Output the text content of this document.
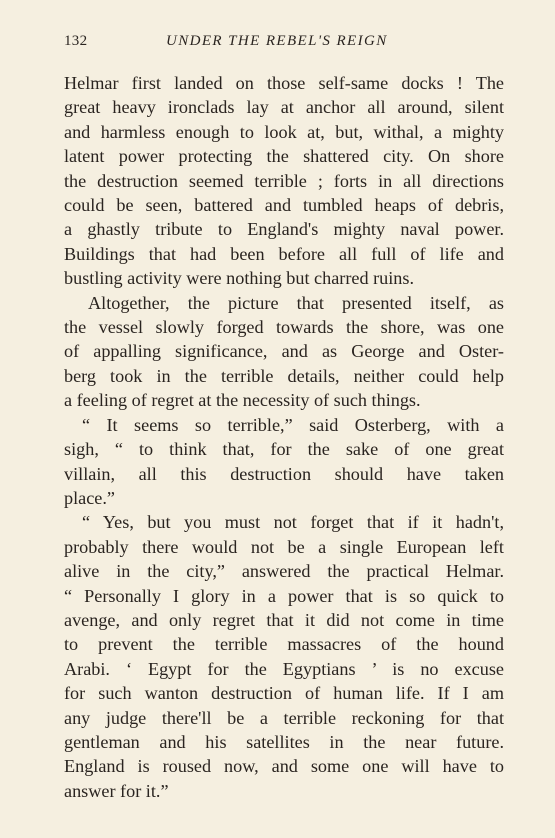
132	UNDER THE REBEL'S REIGN
Helmar first landed on those self-same docks ! The
great heavy ironclads lay at anchor all around, silent
and harmless enough to look at, but, withal, a mighty
latent power protecting the shattered city. On shore
the destruction seemed terrible ; forts in all directions
could be seen, battered and tumbled heaps of debris,
a ghastly tribute to England's mighty naval power.
Buildings that had been before all full of life and
bustling activity were nothing but charred ruins.
Altogether, the picture that presented itself, as
the vessel slowly forged towards the shore, was one
of appalling significance, and as George and Oster-
berg took in the terrible details, neither could help
a feeling of regret at the necessity of such things.
“ It seems so terrible,” said Osterberg, with a
sigh, “ to think that, for the sake of one great
villain, all this destruction should have taken
place.”
“ Yes, but you must not forget that if it hadn't,
probably there would not be a single European left
alive in the city,” answered the practical Helmar.
“ Personally I glory in a power that is so quick to
avenge, and only regret that it did not come in time
to prevent the terrible massacres of the hound
Arabi. ‘ Egypt for the Egyptians ’ is no excuse
for such wanton destruction of human life. If I am
any judge there'll be a terrible reckoning for that
gentleman and his satellites in the near future.
England is roused now, and some one will have to
answer for it.”
